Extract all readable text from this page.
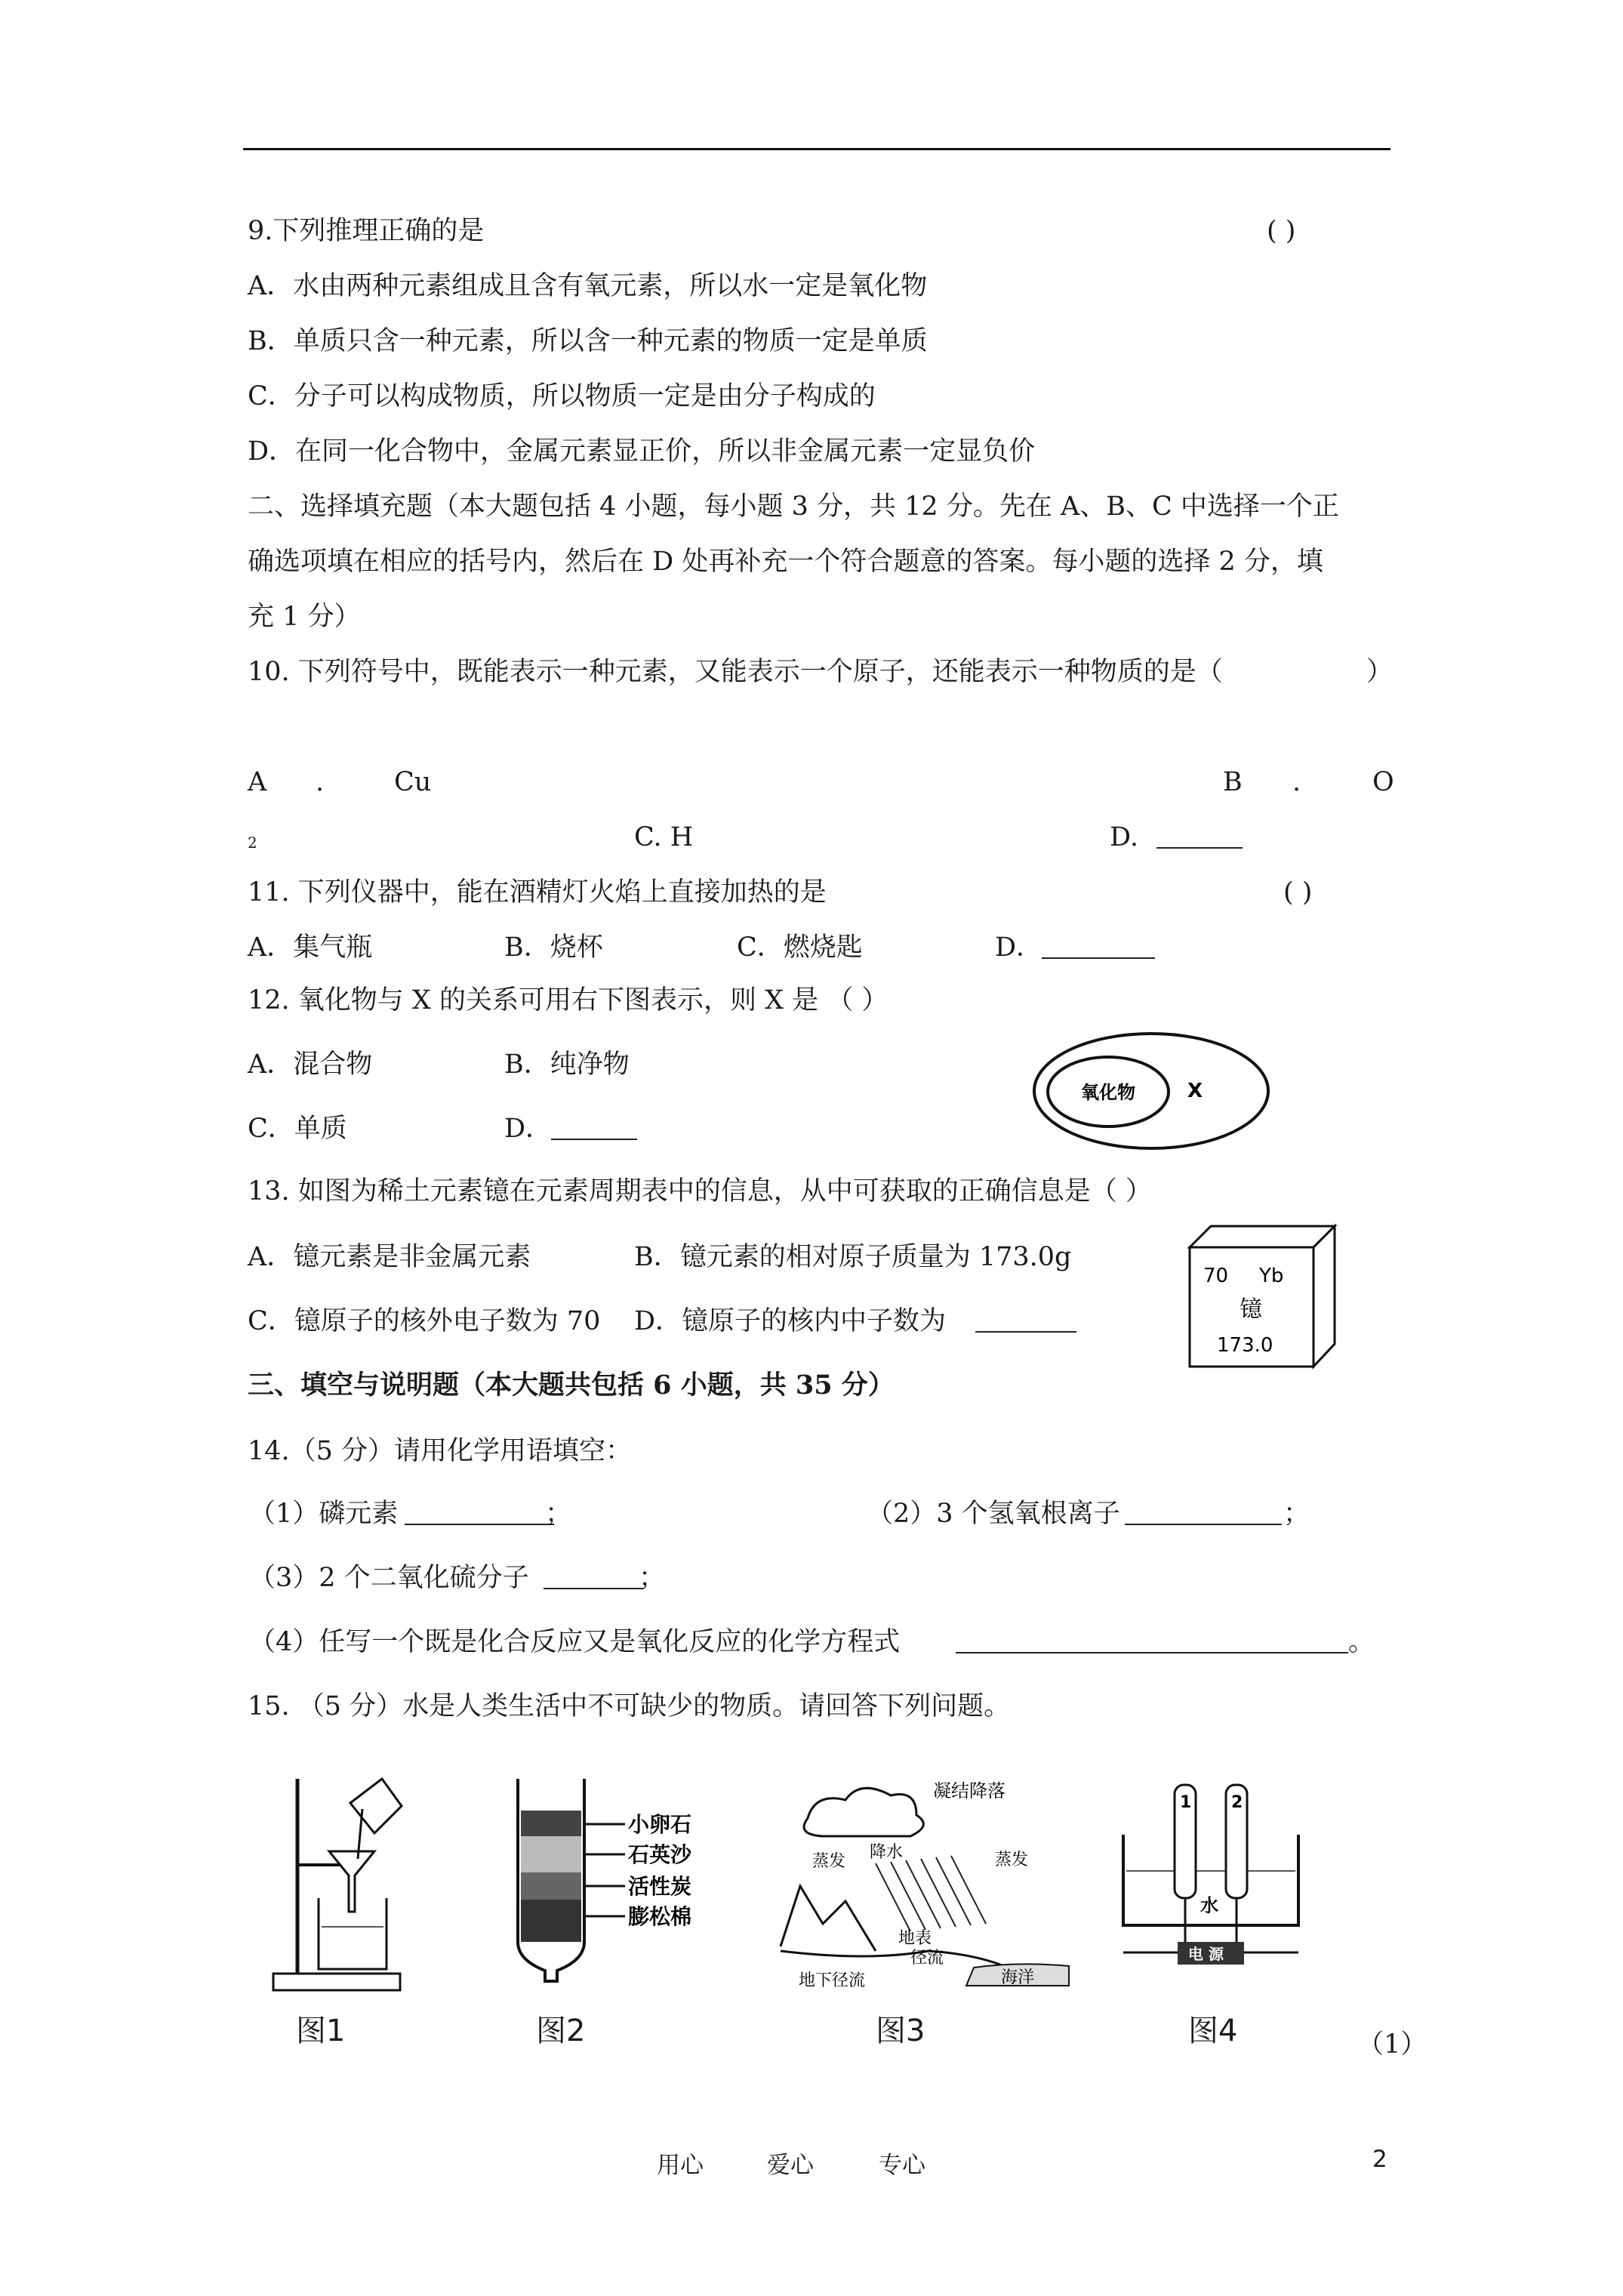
9.下列推理正确的是	( )
A．水由两种元素组成且含有氧元素，所以水一定是氧化物
B．单质只含一种元素，所以含一种元素的物质一定是单质
C．分子可以构成物质，所以物质一定是由分子构成的
D．在同一化合物中，金属元素显正价，所以非金属元素一定显负价
二、选择填充题（本大题包括 4 小题，每小题 3 分，共 12 分。先在 A、B、C 中选择一个正
确选项填在相应的括号内，然后在 D 处再补充一个符合题意的答案。每小题的选择 2 分，填
充 1 分）
10. 下列符号中，既能表示一种元素，又能表示一个原子，还能表示一种物质的是（	）
A .	Cu	B .	O
2	C. H	D.
11. 下列仪器中，能在酒精灯火焰上直接加热的是	( )
A．集气瓶	B．烧杯	C．燃烧匙	D．
12. 氧化物与 X 的关系可用右下图表示，则 X 是 （ ）
A．混合物	B．纯净物
C．单质	D．
氧化物	X
13. 如图为稀土元素镱在元素周期表中的信息，从中可获取的正确信息是（ ）
A．镱元素是非金属元素	B．镱元素的相对原子质量为 173.0g
C．镱原子的核外电子数为 70 D．镱原子的核内中子数为
70 Yb
镱
173.0
三、填空与说明题（本大题共包括 6 小题，共 35 分）
14.（5 分）请用化学用语填空：
（1）磷元素	；	（2）3 个氢氧根离子	；
（3）2 个二氧化硫分子	；
（4）任写一个既是化合反应又是氧化反应的化学方程式	。
15. （5 分）水是人类生活中不可缺少的物质。请回答下列问题。
小卵石
石英沙
活性炭
膨松棉
凝结降落
蒸发 降水	蒸发
地表
径流
地下径流	海洋
1 2
水
电 源
图1	图2	图3	图4	（1）
用心	爱心	专心	2
